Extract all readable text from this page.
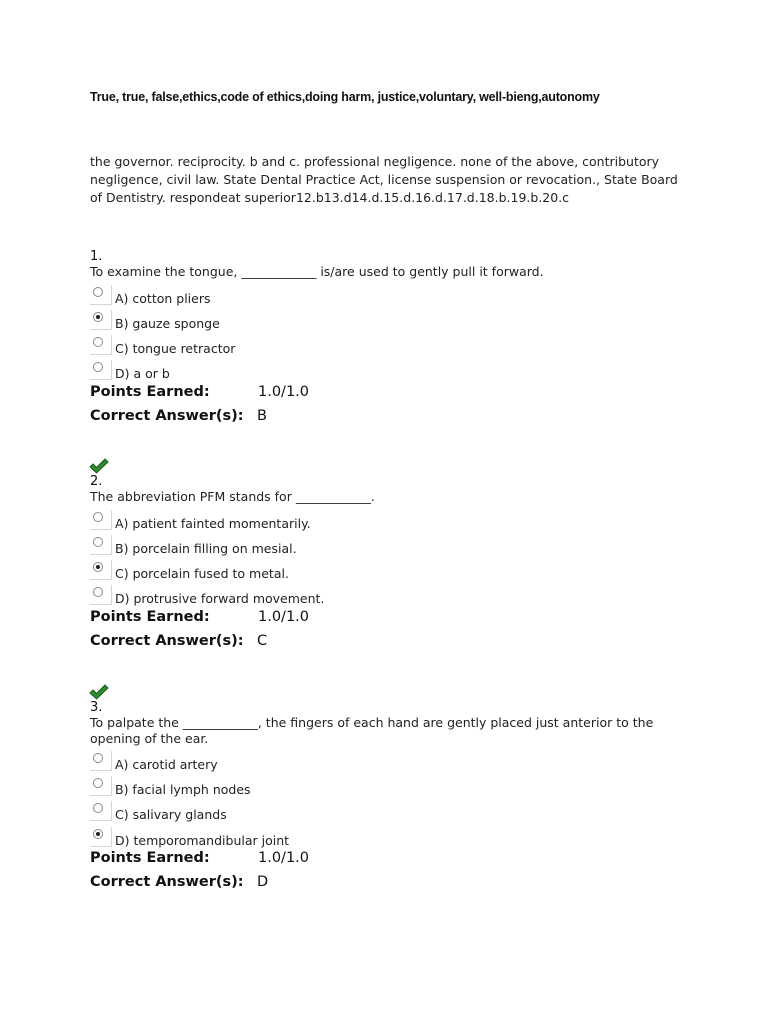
True, true, false,ethics,code of ethics,doing harm, justice,voluntary, well-bieng,autonomy
the governor. reciprocity. b and c. professional negligence. none of the above, contributory negligence, civil law. State Dental Practice Act, license suspension or revocation., State Board of Dentistry. respondeat superior12.b13.d14.d.15.d.16.d.17.d.18.b.19.b.20.c
1.
To examine the tongue, ____________ is/are used to gently pull it forward.
A) cotton pliers
B) gauze sponge
C) tongue retractor
D) a or b
Points Earned:	1.0/1.0
Correct Answer(s): B
2.
The abbreviation PFM stands for ____________.
A) patient fainted momentarily.
B) porcelain filling on mesial.
C) porcelain fused to metal.
D) protrusive forward movement.
Points Earned:	1.0/1.0
Correct Answer(s): C
3.
To palpate the ____________, the fingers of each hand are gently placed just anterior to the opening of the ear.
A) carotid artery
B) facial lymph nodes
C) salivary glands
D) temporomandibular joint
Points Earned:	1.0/1.0
Correct Answer(s): D
